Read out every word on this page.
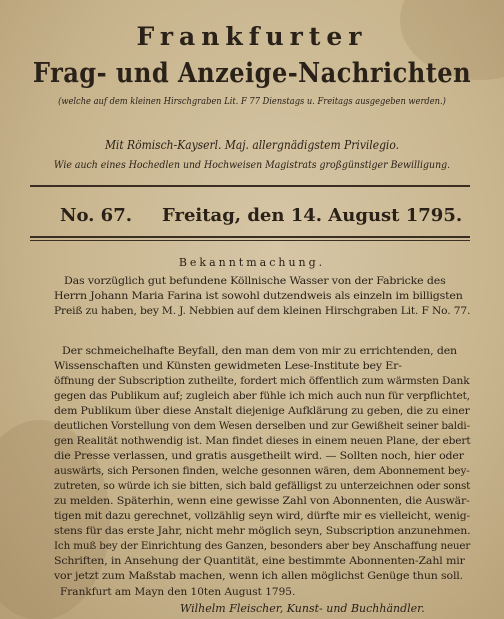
Frankfurter
Frag- und Anzeige-Nachrichten
(welche auf dem kleinen Hirschgraben Lit. F 77 Dienstags u. Freitags ausgegeben werden.)
Mit Römisch-Kayserl. Maj. allergnädigstem Privilegio.
Wie auch eines Hochedlen und Hochweisen Magistrats großgünstiger Bewilligung.
No. 67. Freitag, den 14. August 1795.
Bekanntmachung.
Das vorzüglich gut befundene Köllnische Wasser von der Fabricke des
Herrn Johann Maria Farina ist sowohl dutzendweis als einzeln im billigsten
Preiß zu haben, bey M. J. Nebbien auf dem kleinen Hirschgraben Lit. F No. 77.
Der schmeichelhafte Beyfall, den man dem von mir zu errichtenden, den
Wissenschaften und Künsten gewidmeten Lese-Institute bey Er-
öffnung der Subscription zutheilte, fordert mich öffentlich zum wärmsten Dank
gegen das Publikum auf; zugleich aber fühle ich mich auch nun für verpflichtet,
dem Publikum über diese Anstalt diejenige Aufklärung zu geben, die zu einer
deutlichen Vorstellung von dem Wesen derselben und zur Gewißheit seiner baldi-
gen Realität nothwendig ist. Man findet dieses in einem neuen Plane, der ebert
die Presse verlassen, und gratis ausgetheilt wird. — Sollten noch, hier oder
auswärts, sich Personen finden, welche gesonnen wären, dem Abonnement bey-
zutreten, so würde ich sie bitten, sich bald gefälligst zu unterzeichnen oder sonst
zu melden. Späterhin, wenn eine gewisse Zahl von Abonnenten, die Auswär-
tigen mit dazu gerechnet, vollzählig seyn wird, dürfte mir es vielleicht, wenig-
stens für das erste Jahr, nicht mehr möglich seyn, Subscription anzunehmen.
Ich muß bey der Einrichtung des Ganzen, besonders aber bey Anschaffung neuer
Schriften, in Ansehung der Quantität, eine bestimmte Abonnenten-Zahl mir
vor jetzt zum Maßstab machen, wenn ich allen möglichst Genüge thun soll.
Frankfurt am Mayn den 10ten August 1795.
Wilhelm Fleischer, Kunst- und Buchhändler.
